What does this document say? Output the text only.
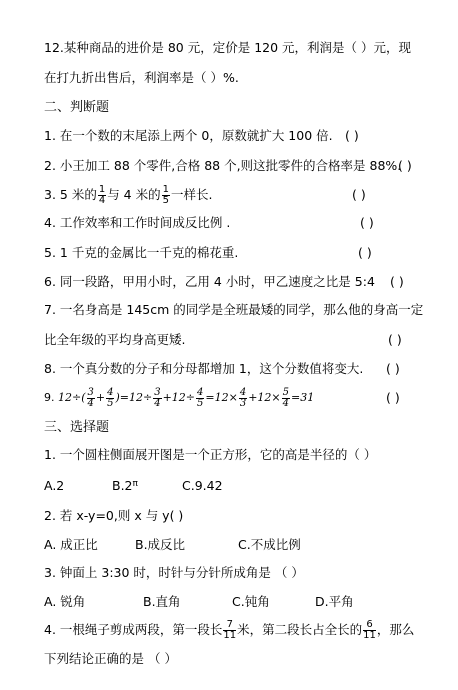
12.某种商品的进价是 80 元，定价是 120 元，利润是（ ）元，现
在打九折出售后，利润率是（ ）%.
二、判断题
1. 在一个数的末尾添上两个 0，原数就扩大 100 倍. ( )
2. 小王加工 88 个零件,合格 88 个,则这批零件的合格率是 88%.
( )
3. 5 米的 $\frac{1}{4}$ 与 4 米的 $\frac{1}{5}$ 一样长.	( )
4. 工作效率和工作时间成反比例 .	( )
5. 1 千克的金属比一千克的棉花重.	( )
6. 同一段路，甲用小时，乙用 4 小时，甲乙速度之比是 5:4 ( )
7. 一名身高是 145cm 的同学是全班最矮的同学，那么他的身高一定
比全年级的平均身高更矮.	( )
8. 一个真分数的分子和分母都增加 1，这个分数值将变大. ( )
9. $12\div( \frac{3}{4} + \frac{4}{5} )=12\div \frac{3}{4} +12\div \frac{4}{5} =12\times \frac{4}{3} +12\times \frac{5}{4} =31$	( )
三、选择题
1. 一个圆柱侧面展开图是一个正方形，它的高是半径的（ ）
A.2	B.2π	C.9.42
2. 若 x-y=0,则 x 与 y( )
A. 成正比	B.成反比	C.不成比例
3. 钟面上 3:30 时，时针与分针所成角是 （ ）
A. 锐角	B.直角	C.钝角	D.平角
4. 一根绳子剪成两段，第一段长 $\frac{7}{11}$ 米，第二段长占全长的 $\frac{6}{11}$ ，那么
下列结论正确的是 （ ）
